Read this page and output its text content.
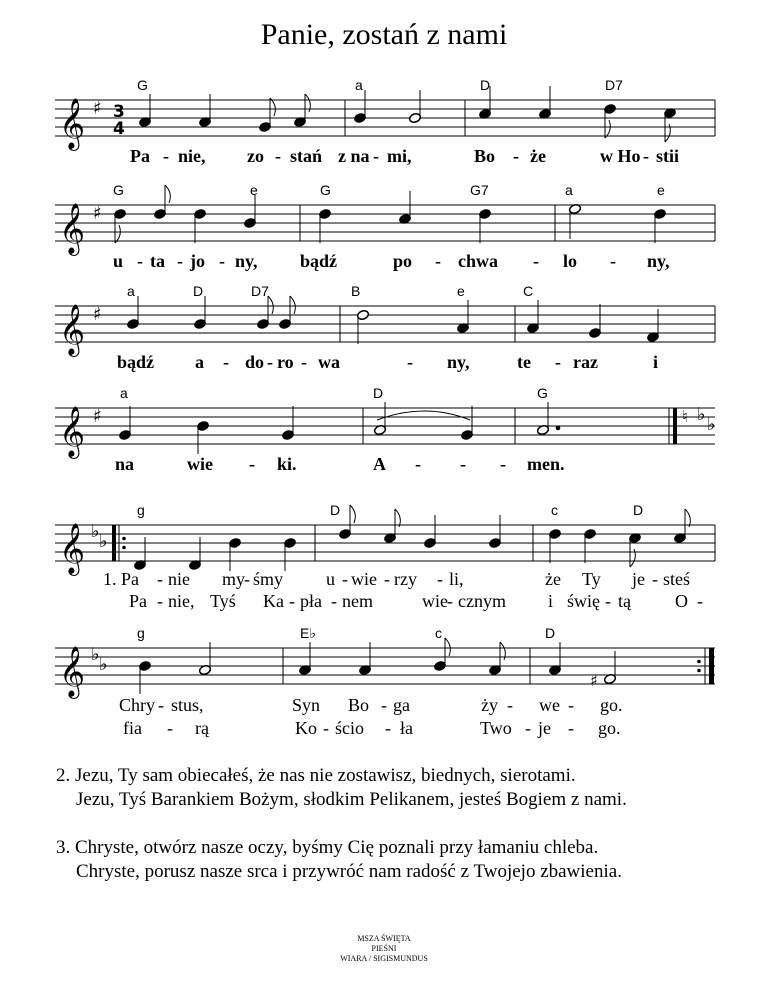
Panie, zostań z nami
𝄞 ♯ 3
4
G	a	D	D7
Pa - nie, zo - stań z na - mi,	Bo - że	w Ho - stii
𝄞 ♯
G	e	G	G7	a	e
u - ta - jo - ny, bądź	po - chwa - lo - ny,
𝄞 ♯
a	D	D7	B	e	C
bądź a - do - ro - wa	- ny,	te - raz	i
𝄞 ♯	♮ ♭ ♭
a	D	G
na	wie - ki.	A - - - men.
𝄞 ♭ ♭
g	D	c	D
1. Pa - nie my
- śmy u - wie - rzy - li,	że Ty je - steś
Pa - nie, Tyś Ka - pła - nem	wie - cznym i świę - tą O -
𝄞 ♭ ♭
♯
g	E♭	c	D
Chry - stus,	Syn Bo - ga	ży - we - go.
fia - rą	Ko - ścio - ła	Two - je - go.
2. Jezu, Ty sam obiecałeś, że nas nie zostawisz, biednych, sierotami.
Jezu, Tyś Barankiem Bożym, słodkim Pelikanem, jesteś Bogiem z nami.
3. Chryste, otwórz nasze oczy, byśmy Cię poznali przy łamaniu chleba.
Chryste, porusz nasze srca i przywróć nam radość z Twojejo zbawienia.
MSZA ŚWIĘTA
PIEŚNI
WIARA / SIGISMUNDUS
